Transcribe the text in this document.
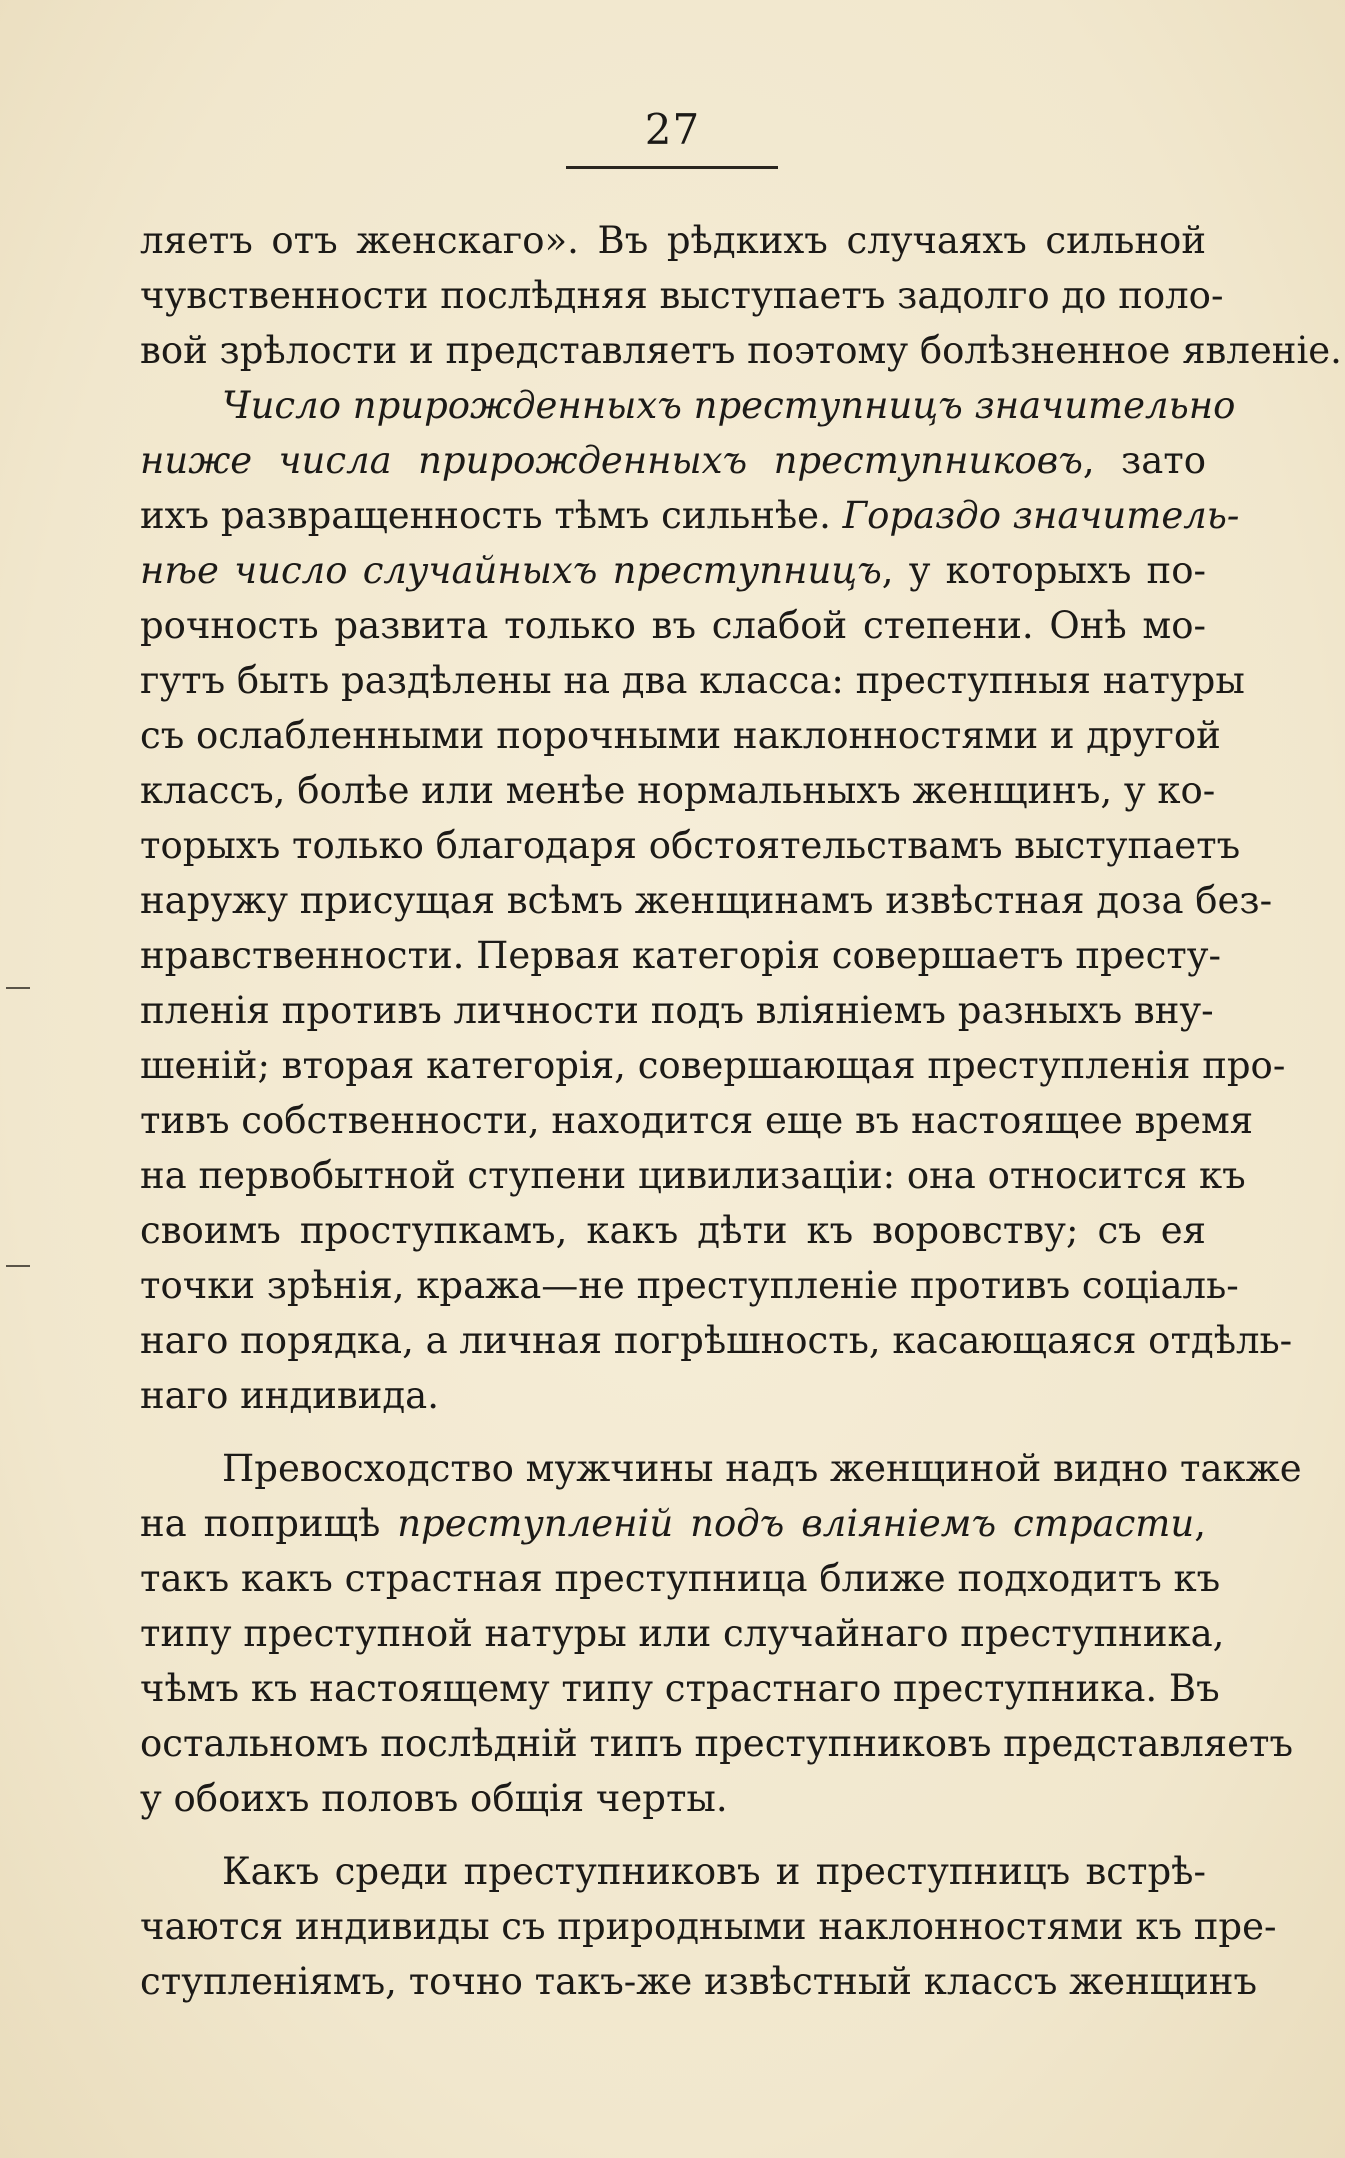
27
ляетъ отъ женскаго». Въ рѣдкихъ случаяхъ сильной
чувственности послѣдняя выступаетъ задолго до поло-
вой зрѣлости и представляетъ поэтому болѣзненное явленіе.
Число прирожденныхъ преступницъ значительно
ниже числа прирожденныхъ преступниковъ, зато
ихъ развращенность тѣмъ сильнѣе. Гораздо значитель-
нѣе число случайныхъ преступницъ, у которыхъ по-
рочность развита только въ слабой степени. Онѣ мо-
гутъ быть раздѣлены на два класса: преступныя натуры
съ ослабленными порочными наклонностями и другой
классъ, болѣе или менѣе нормальныхъ женщинъ, у ко-
торыхъ только благодаря обстоятельствамъ выступаетъ
наружу присущая всѣмъ женщинамъ извѣстная доза без-
нравственности. Первая категорія совершаетъ престу-
пленія противъ личности подъ вліяніемъ разныхъ вну-
шеній; вторая категорія, совершающая преступленія про-
тивъ собственности, находится еще въ настоящее время
на первобытной ступени цивилизаціи: она относится къ
своимъ проступкамъ, какъ дѣти къ воровству; съ ея
точки зрѣнія, кража—не преступленіе противъ соціаль-
наго порядка, а личная погрѣшность, касающаяся отдѣль-
наго индивида.
Превосходство мужчины надъ женщиной видно также
на поприщѣ преступленій подъ вліяніемъ страсти,
такъ какъ страстная преступница ближе подходитъ къ
типу преступной натуры или случайнаго преступника,
чѣмъ къ настоящему типу страстнаго преступника. Въ
остальномъ послѣдній типъ преступниковъ представляетъ
у обоихъ половъ общія черты.
Какъ среди преступниковъ и преступницъ встрѣ-
чаются индивиды съ природными наклонностями къ пре-
ступленіямъ, точно такъ-же извѣстный классъ женщинъ
